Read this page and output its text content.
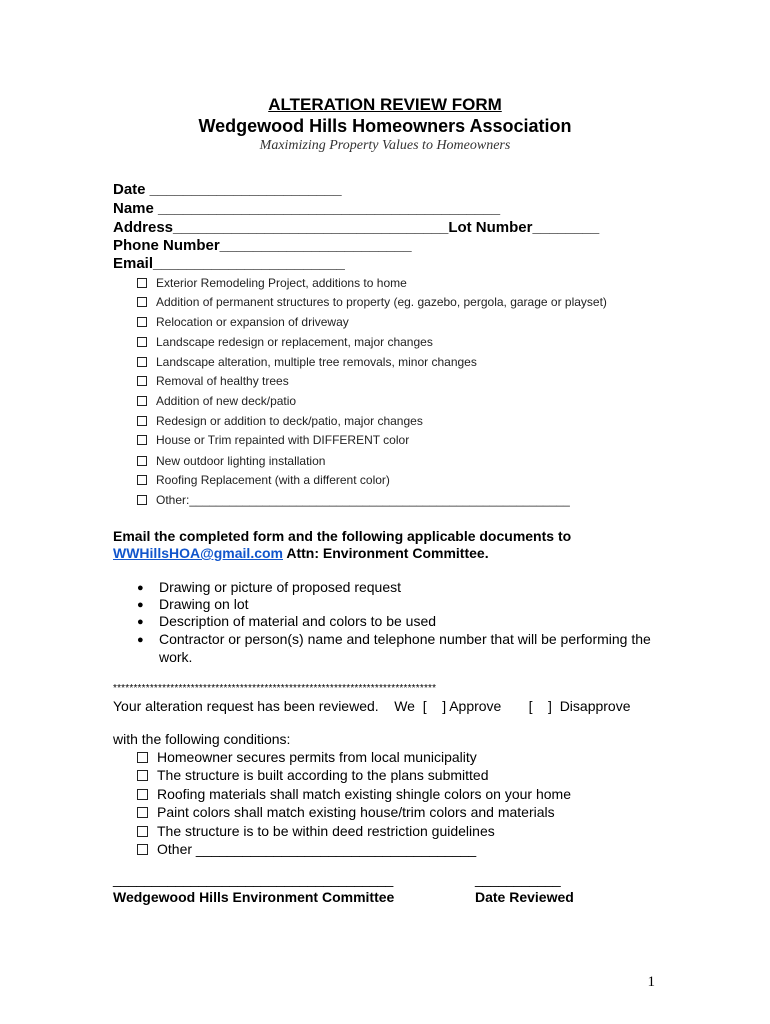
ALTERATION REVIEW FORM
Wedgewood Hills Homeowners Association
Maximizing Property Values to Homeowners
Date _______________________
Name _________________________________________
Address_________________________________Lot Number________
Phone Number_______________________
Email_______________________
Exterior Remodeling Project, additions to home
Addition of permanent structures to property (eg. gazebo, pergola, garage or playset)
Relocation or expansion of driveway
Landscape redesign or replacement, major changes
Landscape alteration, multiple tree removals, minor changes
Removal of healthy trees
Addition of new deck/patio
Redesign or addition to deck/patio, major changes
House or Trim repainted with DIFFERENT color
New outdoor lighting installation
Roofing Replacement (with a different color)
Other:_________________________________________________________
Email the completed form and the following applicable documents to
WWHillsHOA@gmail.com Attn: Environment Committee.
●	Drawing or picture of proposed request
●	Drawing on lot
●	Description of material and colors to be used
●	Contractor or person(s) name and telephone number that will be performing the
work.
*******************************************************************************
Your alteration request has been reviewed.    We  [    ] Approve       [    ]  Disapprove
with the following conditions:
Homeowner secures permits from local municipality
The structure is built according to the plans submitted
Roofing materials shall match existing shingle colors on your home
Paint colors shall match existing house/trim colors and materials
The structure is to be within deed restriction guidelines
Other ____________________________________
____________________________________	___________
Wedgewood Hills Environment Committee	Date Reviewed
1
